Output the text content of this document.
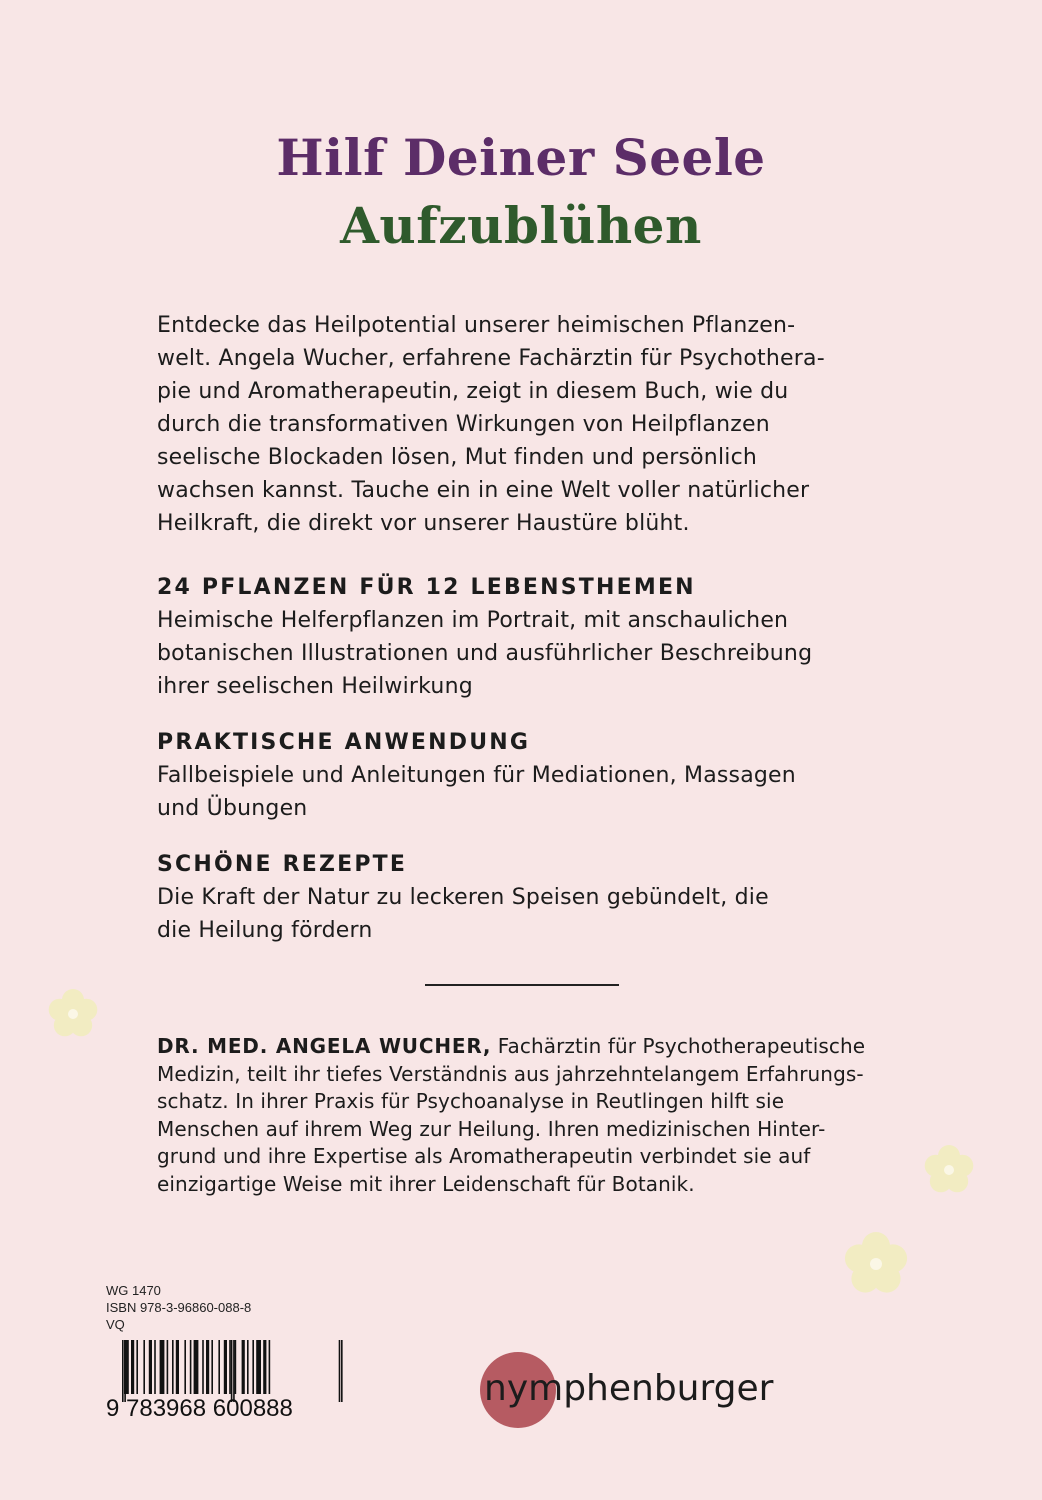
Hilf Deiner Seele
Aufzublühen
Entdecke das Heilpotential unserer heimischen Pflanzen-
welt. Angela Wucher, erfahrene Fachärztin für Psychothera-
pie und Aromatherapeutin, zeigt in diesem Buch, wie du
durch die transformativen Wirkungen von Heilpflanzen
seelische Blockaden lösen, Mut finden und persönlich
wachsen kannst. Tauche ein in eine Welt voller natürlicher
Heilkraft, die direkt vor unserer Haustüre blüht.
24 PFLANZEN FÜR 12 LEBENSTHEMEN
Heimische Helferpflanzen im Portrait, mit anschaulichen
botanischen Illustrationen und ausführlicher Beschreibung
ihrer seelischen Heilwirkung
PRAKTISCHE ANWENDUNG
Fallbeispiele und Anleitungen für Mediationen, Massagen
und Übungen
SCHÖNE REZEPTE
Die Kraft der Natur zu leckeren Speisen gebündelt, die
die Heilung fördern
DR. MED. ANGELA WUCHER, Fachärztin für Psychotherapeutische
Medizin, teilt ihr tiefes Verständnis aus jahrzehntelangem Erfahrungs-
schatz. In ihrer Praxis für Psychoanalyse in Reutlingen hilft sie
Menschen auf ihrem Weg zur Heilung. Ihren medizinischen Hinter-
grund und ihre Expertise als Aromatherapeutin verbindet sie auf
einzigartige Weise mit ihrer Leidenschaft für Botanik.
WG 1470
ISBN 978-3-96860-088-8
VQ
9 783968 600888	nymphenburger
